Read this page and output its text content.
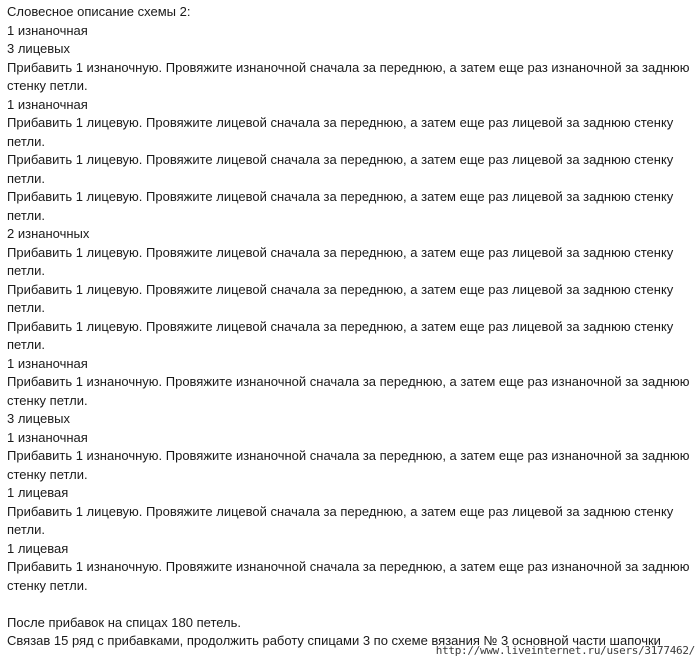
Словесное описание схемы 2:

1 изнаночная

3 лицевых

Прибавить 1 изнаночную. Провяжите изнаночной сначала за переднюю, а затем еще раз изнаночной за заднюю стенку петли.

1 изнаночная

Прибавить 1 лицевую. Провяжите лицевой сначала за переднюю, а затем еще раз лицевой за заднюю стенку петли.

Прибавить 1 лицевую. Провяжите лицевой сначала за переднюю, а затем еще раз лицевой за заднюю стенку петли.

Прибавить 1 лицевую. Провяжите лицевой сначала за переднюю, а затем еще раз лицевой за заднюю стенку петли.

2 изнаночных

Прибавить 1 лицевую. Провяжите лицевой сначала за переднюю, а затем еще раз лицевой за заднюю стенку петли.

Прибавить 1 лицевую. Провяжите лицевой сначала за переднюю, а затем еще раз лицевой за заднюю стенку петли.

Прибавить 1 лицевую. Провяжите лицевой сначала за переднюю, а затем еще раз лицевой за заднюю стенку петли.

1 изнаночная

Прибавить 1 изнаночную. Провяжите изнаночной сначала за переднюю, а затем еще раз изнаночной за заднюю стенку петли.

3 лицевых

1 изнаночная

Прибавить 1 изнаночную. Провяжите изнаночной сначала за переднюю, а затем еще раз изнаночной за заднюю стенку петли.

1 лицевая

Прибавить 1 лицевую. Провяжите лицевой сначала за переднюю, а затем еще раз лицевой за заднюю стенку петли.

1 лицевая

Прибавить 1 изнаночную. Провяжите изнаночной сначала за переднюю, а затем еще раз изнаночной за заднюю стенку петли.

После прибавок на спицах 180 петель.

Связав 15 ряд с прибавками, продолжить работу спицами 3 по схеме вязания № 3 основной части шапочки

http://www.liveinternet.ru/users/3177462/
